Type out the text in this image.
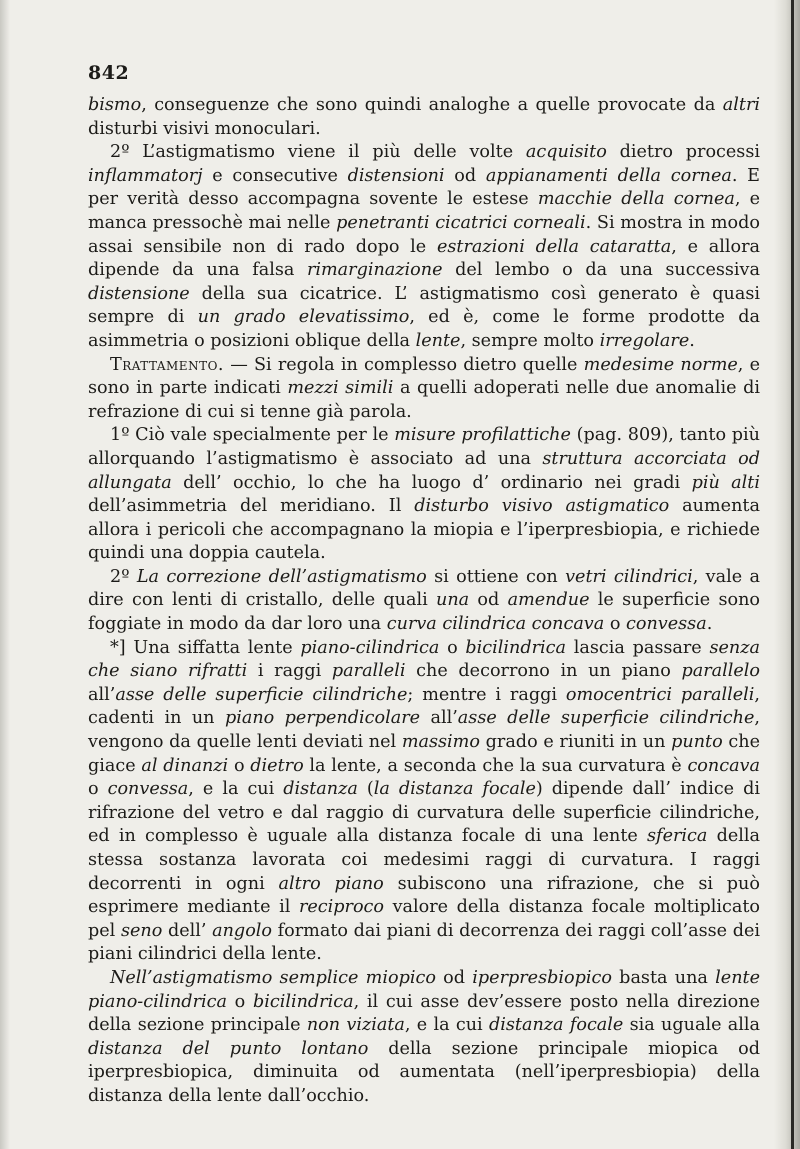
842

bismo, conseguenze che sono quindi analoghe a quelle provocate da altri disturbi visivi monoculari.

2º L’astigmatismo viene il più delle volte acquisito dietro processi inflammatorj e consecutive distensioni od appianamenti della cornea. E per verità desso accompagna sovente le estese macchie della cornea, e manca pressochè mai nelle penetranti cicatrici corneali. Si mostra in modo assai sensibile non di rado dopo le estrazioni della cataratta, e allora dipende da una falsa rimarginazione del lembo o da una successiva distensione della sua cicatrice. L’ astigmatismo così generato è quasi sempre di un grado elevatissimo, ed è, come le forme prodotte da asimmetria o posizioni oblique della lente, sempre molto irregolare.

Trattamento. — Si regola in complesso dietro quelle medesime norme, e sono in parte indicati mezzi simili a quelli adoperati nelle due anomalie di refrazione di cui si tenne già parola.

1º Ciò vale specialmente per le misure profilattiche (pag. 809), tanto più allorquando l’astigmatismo è associato ad una struttura accorciata od allungata dell’ occhio, lo che ha luogo d’ ordinario nei gradi più alti dell’asimmetria del meridiano. Il disturbo visivo astigmatico aumenta allora i pericoli che accompagnano la miopia e l’iperpresbiopia, e richiede quindi una doppia cautela.

2º La correzione dell’astigmatismo si ottiene con vetri cilindrici, vale a dire con lenti di cristallo, delle quali una od amendue le superficie sono foggiate in modo da dar loro una curva cilindrica concava o convessa.

*] Una siffatta lente piano-cilindrica o bicilindrica lascia passare senza che siano rifratti i raggi paralleli che decorrono in un piano parallelo all’asse delle superficie cilindriche; mentre i raggi omocentrici paralleli, cadenti in un piano perpendicolare all’asse delle superficie cilindriche, vengono da quelle lenti deviati nel massimo grado e riuniti in un punto che giace al dinanzi o dietro la lente, a seconda che la sua curvatura è concava o convessa, e la cui distanza (la distanza focale) dipende dall’ indice di rifrazione del vetro e dal raggio di curvatura delle superficie cilindriche, ed in complesso è uguale alla distanza focale di una lente sferica della stessa sostanza lavorata coi medesimi raggi di curvatura. I raggi decorrenti in ogni altro piano subiscono una rifrazione, che si può esprimere mediante il reciproco valore della distanza focale moltiplicato pel seno dell’ angolo formato dai piani di decorrenza dei raggi coll’asse dei piani cilindrici della lente.

Nell’astigmatismo semplice miopico od iperpresbiopico basta una lente piano-cilindrica o bicilindrica, il cui asse dev’essere posto nella direzione della sezione principale non viziata, e la cui distanza focale sia uguale alla distanza del punto lontano della sezione principale miopica od iperpresbiopica, diminuita od aumentata (nell’iperpresbiopia) della distanza della lente dall’occhio.
